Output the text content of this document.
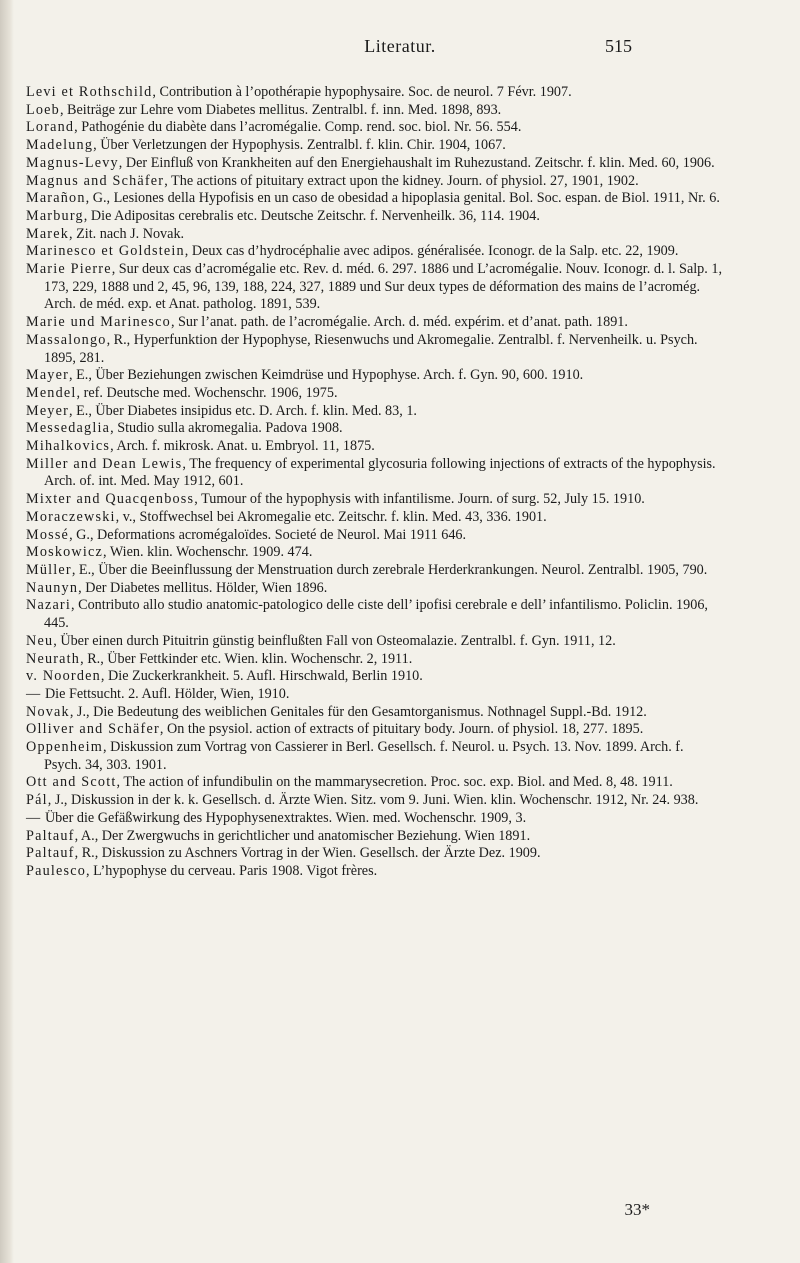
Literatur.	515

Levi et Rothschild, Contribution à l’opothérapie hypophysaire. Soc. de neurol. 7 Févr. 1907.

Loeb, Beiträge zur Lehre vom Diabetes mellitus. Zentralbl. f. inn. Med. 1898, 893.

Lorand, Pathogénie du diabète dans l’acromégalie. Comp. rend. soc. biol. Nr. 56. 554.

Madelung, Über Verletzungen der Hypophysis. Zentralbl. f. klin. Chir. 1904, 1067.

Magnus-Levy, Der Einfluß von Krankheiten auf den Energiehaushalt im Ruhezustand. Zeitschr. f. klin. Med. 60, 1906.

Magnus and Schäfer, The actions of pituitary extract upon the kidney. Journ. of physiol. 27, 1901, 1902.

Marañon, G., Lesiones della Hypofisis en un caso de obesidad a hipoplasia genital. Bol. Soc. espan. de Biol. 1911, Nr. 6.

Marburg, Die Adipositas cerebralis etc. Deutsche Zeitschr. f. Nervenheilk. 36, 114. 1904.

Marek, Zit. nach J. Novak.

Marinesco et Goldstein, Deux cas d’hydrocéphalie avec adipos. généralisée. Iconogr. de la Salp. etc. 22, 1909.

Marie Pierre, Sur deux cas d’acromégalie etc. Rev. d. méd. 6. 297. 1886 und L’acromégalie. Nouv. Iconogr. d. l. Salp. 1, 173, 229, 1888 und 2, 45, 96, 139, 188, 224, 327, 1889 und Sur deux types de déformation des mains de l’acromég. Arch. de méd. exp. et Anat. patholog. 1891, 539.

Marie und Marinesco, Sur l’anat. path. de l’acromégalie. Arch. d. méd. expérim. et d’anat. path. 1891.

Massalongo, R., Hyperfunktion der Hypophyse, Riesenwuchs und Akromegalie. Zentralbl. f. Nervenheilk. u. Psych. 1895, 281.

Mayer, E., Über Beziehungen zwischen Keimdrüse und Hypophyse. Arch. f. Gyn. 90, 600. 1910.

Mendel, ref. Deutsche med. Wochenschr. 1906, 1975.

Meyer, E., Über Diabetes insipidus etc. D. Arch. f. klin. Med. 83, 1.

Messedaglia, Studio sulla akromegalia. Padova 1908.

Mihalkovics, Arch. f. mikrosk. Anat. u. Embryol. 11, 1875.

Miller and Dean Lewis, The frequency of experimental glycosuria following injections of extracts of the hypophysis. Arch. of. int. Med. May 1912, 601.

Mixter and Quacqenboss, Tumour of the hypophysis with infantilisme. Journ. of surg. 52, July 15. 1910.

Moraczewski, v., Stoffwechsel bei Akromegalie etc. Zeitschr. f. klin. Med. 43, 336. 1901.

Mossé, G., Deformations acromégaloïdes. Societé de Neurol. Mai 1911 646.

Moskowicz, Wien. klin. Wochenschr. 1909. 474.

Müller, E., Über die Beeinflussung der Menstruation durch zerebrale Herderkrankungen. Neurol. Zentralbl. 1905, 790.

Naunyn, Der Diabetes mellitus. Hölder, Wien 1896.

Nazari, Contributo allo studio anatomic-patologico delle ciste dell’ ipofisi cerebrale e dell’ infantilismo. Policlin. 1906, 445.

Neu, Über einen durch Pituitrin günstig beinflußten Fall von Osteomalazie. Zentralbl. f. Gyn. 1911, 12.

Neurath, R., Über Fettkinder etc. Wien. klin. Wochenschr. 2, 1911.

v. Noorden, Die Zuckerkrankheit. 5. Aufl. Hirschwald, Berlin 1910.

— Die Fettsucht. 2. Aufl. Hölder, Wien, 1910.

Novak, J., Die Bedeutung des weiblichen Genitales für den Gesamtorganismus. Nothnagel Suppl.-Bd. 1912.

Olliver and Schäfer, On the psysiol. action of extracts of pituitary body. Journ. of physiol. 18, 277. 1895.

Oppenheim, Diskussion zum Vortrag von Cassierer in Berl. Gesellsch. f. Neurol. u. Psych. 13. Nov. 1899. Arch. f. Psych. 34, 303. 1901.

Ott and Scott, The action of infundibulin on the mammarysecretion. Proc. soc. exp. Biol. and Med. 8, 48. 1911.

Pál, J., Diskussion in der k. k. Gesellsch. d. Ärzte Wien. Sitz. vom 9. Juni. Wien. klin. Wochenschr. 1912, Nr. 24. 938.

— Über die Gefäßwirkung des Hypophysenextraktes. Wien. med. Wochenschr. 1909, 3.

Paltauf, A., Der Zwergwuchs in gerichtlicher und anatomischer Beziehung. Wien 1891.

Paltauf, R., Diskussion zu Aschners Vortrag in der Wien. Gesellsch. der Ärzte Dez. 1909.

Paulesco, L’hypophyse du cerveau. Paris 1908. Vigot frères.

33*
